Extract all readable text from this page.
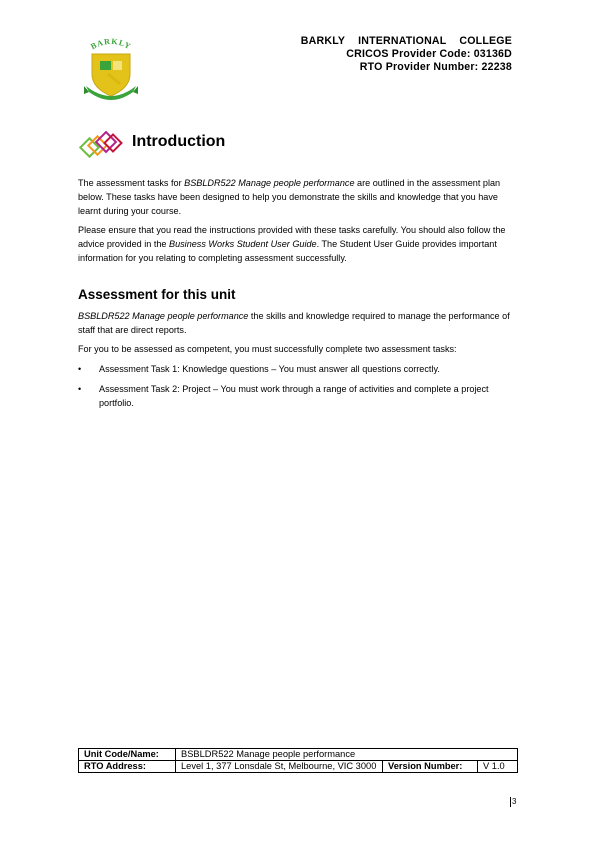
BARKLY	BARKLY INTERNATIONAL COLLEGE
CRICOS Provider Code: 03136D
RTO Provider Number: 22238
Introduction

The assessment tasks for BSBLDR522 Manage people performance are outlined in the assessment plan below. These tasks have been designed to help you demonstrate the skills and knowledge that you have learnt during your course.

Please ensure that you read the instructions provided with these tasks carefully. You should also follow the advice provided in the Business Works Student User Guide. The Student User Guide provides important information for you relating to completing assessment successfully.

Assessment for this unit

BSBLDR522 Manage people performance the skills and knowledge required to manage the performance of staff that are direct reports.

For you to be assessed as competent, you must successfully complete two assessment tasks:

• Assessment Task 1: Knowledge questions – You must answer all questions correctly.
• Assessment Task 2: Project – You must work through a range of activities and complete a project portfolio.
Unit Code/Name:	BSBLDR522 Manage people performance		
RTO Address:	Level 1, 377 Lonsdale St, Melbourne, VIC 3000	Version Number:	V 1.0
3
